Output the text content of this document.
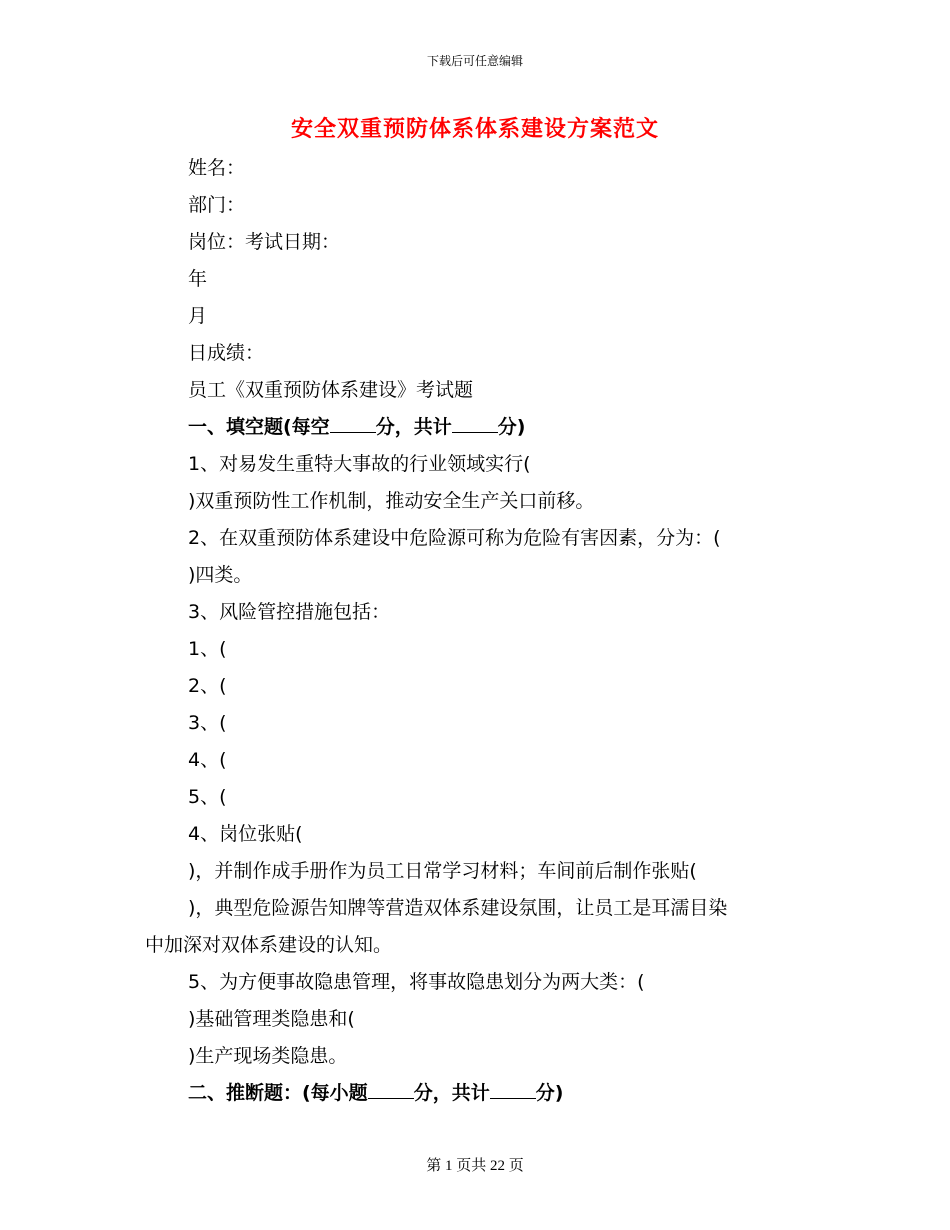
下载后可任意编辑
安全双重预防体系体系建设方案范文
姓名：
部门：
岗位：考试日期：
年
月
日成绩：
员工《双重预防体系建设》考试题
一、填空题(每空 分，共计 分)
1、对易发生重特大事故的行业领域实行(
)双重预防性工作机制，推动安全生产关口前移。
2、在双重预防体系建设中危险源可称为危险有害因素，分为：(
)四类。
3、风险管控措施包括：
1、(
2、(
3、(
4、(
5、(
4、岗位张贴(
)，并制作成手册作为员工日常学习材料；车间前后制作张贴(
)，典型危险源告知牌等营造双体系建设氛围，让员工是耳濡目染
中加深对双体系建设的认知。
5、为方便事故隐患管理，将事故隐患划分为两大类：(
)基础管理类隐患和(
)生产现场类隐患。
二、推断题：(每小题 分，共计 分)
第 1 页共 22 页
